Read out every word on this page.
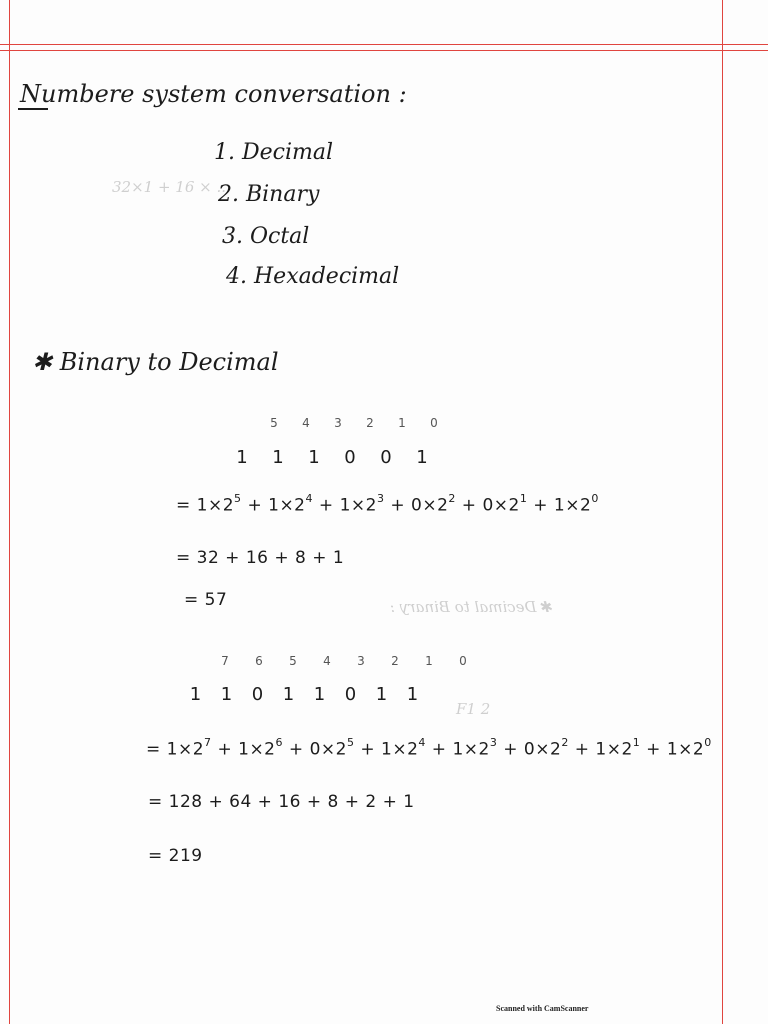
32×1 + 16 × ...
✱ Decimal to Binary :
F1 2
Numbere system conversation :
1. Decimal
2. Binary
3. Octal
4. Hexadecimal
✱ Binary to Decimal
5 4 3 2 1 0
1 1 1 0 0 1
= $1\times 2^5 + 1\times 2^4 + 1\times 2^3 + 0\times 2^2 + 0\times 2^1 + 1\times 2^0$
= 32 + 16 + 8 + 1
= 57
7 6 5 4 3 2 1 0
1 1 0 1 1 0 1 1
= $1\times 2^7 + 1\times 2^6 + 0\times 2^5 + 1\times 2^4 + 1\times 2^3 + 0\times 2^2 + 1\times 2^1 + 1\times 2^0$
= 128 + 64 + 16 + 8 + 2 + 1
= 219
Scanned with CamScanner
